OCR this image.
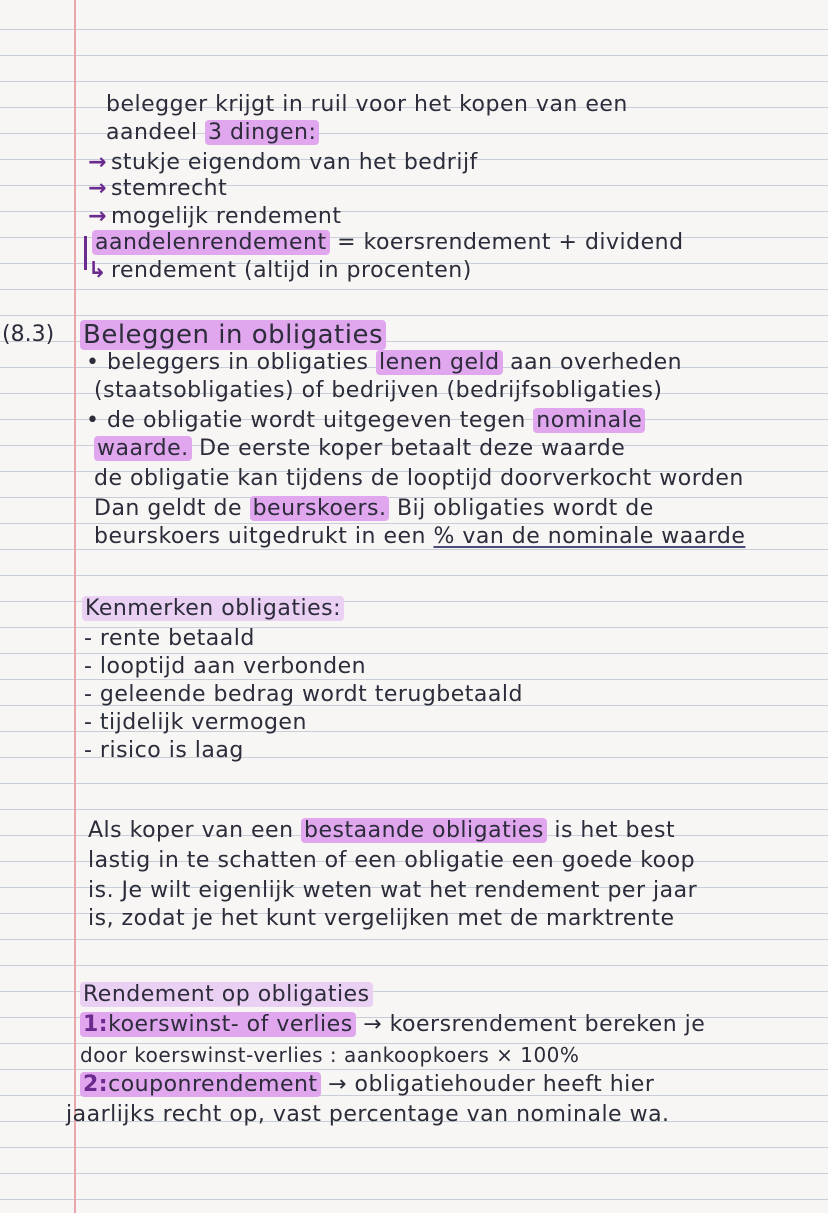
belegger krijgt in ruil voor het kopen van een
aandeel 3 dingen:
→ stukje eigendom van het bedrijf
→ stemrecht
→ mogelijk rendement
aandelenrendement = koersrendement + dividend
↳ rendement (altijd in procenten)
(8.3) Beleggen in obligaties
• beleggers in obligaties lenen geld aan overheden
(staatsobligaties) of bedrijven (bedrijfsobligaties)
• de obligatie wordt uitgegeven tegen nominale
waarde. De eerste koper betaalt deze waarde
de obligatie kan tijdens de looptijd doorverkocht worden
Dan geldt de beurskoers. Bij obligaties wordt de
beurskoers uitgedrukt in een % van de nominale waarde
Kenmerken obligaties:
- rente betaald
- looptijd aan verbonden
- geleende bedrag wordt terugbetaald
- tijdelijk vermogen
- risico is laag
Als koper van een bestaande obligaties is het best
lastig in te schatten of een obligatie een goede koop
is. Je wilt eigenlijk weten wat het rendement per jaar
is, zodat je het kunt vergelijken met de marktrente
Rendement op obligaties
1:koerswinst- of verlies → koersrendement bereken je
door koerswinst-verlies : aankoopkoers × 100%
2:couponrendement → obligatiehouder heeft hier
jaarlijks recht op, vast percentage van nominale wa.
